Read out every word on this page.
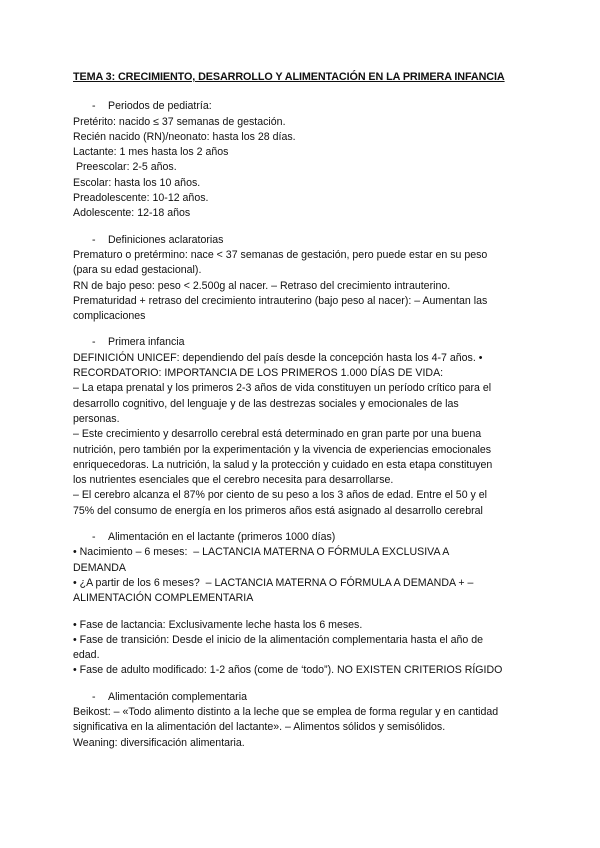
TEMA 3: CRECIMIENTO, DESARROLLO Y ALIMENTACIÓN EN LA PRIMERA INFANCIA
- Periodos de pediatría:
Pretérito: nacido ≤ 37 semanas de gestación.
Recién nacido (RN)/neonato: hasta los 28 días.
Lactante: 1 mes hasta los 2 años
Preescolar: 2-5 años.
Escolar: hasta los 10 años.
Preadolescente: 10-12 años.
Adolescente: 12-18 años
- Definiciones aclaratorias
Prematuro o pretérmino: nace < 37 semanas de gestación, pero puede estar en su peso
(para su edad gestacional).
RN de bajo peso: peso < 2.500g al nacer. – Retraso del crecimiento intrauterino.
Prematuridad + retraso del crecimiento intrauterino (bajo peso al nacer): – Aumentan las
complicaciones
- Primera infancia
DEFINICIÓN UNICEF: dependiendo del país desde la concepción hasta los 4-7 años. •
RECORDATORIO: IMPORTANCIA DE LOS PRIMEROS 1.000 DÍAS DE VIDA:
– La etapa prenatal y los primeros 2-3 años de vida constituyen un período crítico para el
desarrollo cognitivo, del lenguaje y de las destrezas sociales y emocionales de las
personas.
– Este crecimiento y desarrollo cerebral está determinado en gran parte por una buena
nutrición, pero también por la experimentación y la vivencia de experiencias emocionales
enriquecedoras. La nutrición, la salud y la protección y cuidado en esta etapa constituyen
los nutrientes esenciales que el cerebro necesita para desarrollarse.
– El cerebro alcanza el 87% por ciento de su peso a los 3 años de edad. Entre el 50 y el
75% del consumo de energía en los primeros años está asignado al desarrollo cerebral
- Alimentación en el lactante (primeros 1000 días)
• Nacimiento – 6 meses:  – LACTANCIA MATERNA O FÓRMULA EXCLUSIVA A
DEMANDA
• ¿A partir de los 6 meses?  – LACTANCIA MATERNA O FÓRMULA A DEMANDA + –
ALIMENTACIÓN COMPLEMENTARIA
• Fase de lactancia: Exclusivamente leche hasta los 6 meses.
• Fase de transición: Desde el inicio de la alimentación complementaria hasta el año de
edad.
• Fase de adulto modificado: 1-2 años (come de ‘todo”). NO EXISTEN CRITERIOS RÍGIDO
- Alimentación complementaria
Beikost: – «Todo alimento distinto a la leche que se emplea de forma regular y en cantidad
significativa en la alimentación del lactante». – Alimentos sólidos y semisólidos.
Weaning: diversificación alimentaria.
